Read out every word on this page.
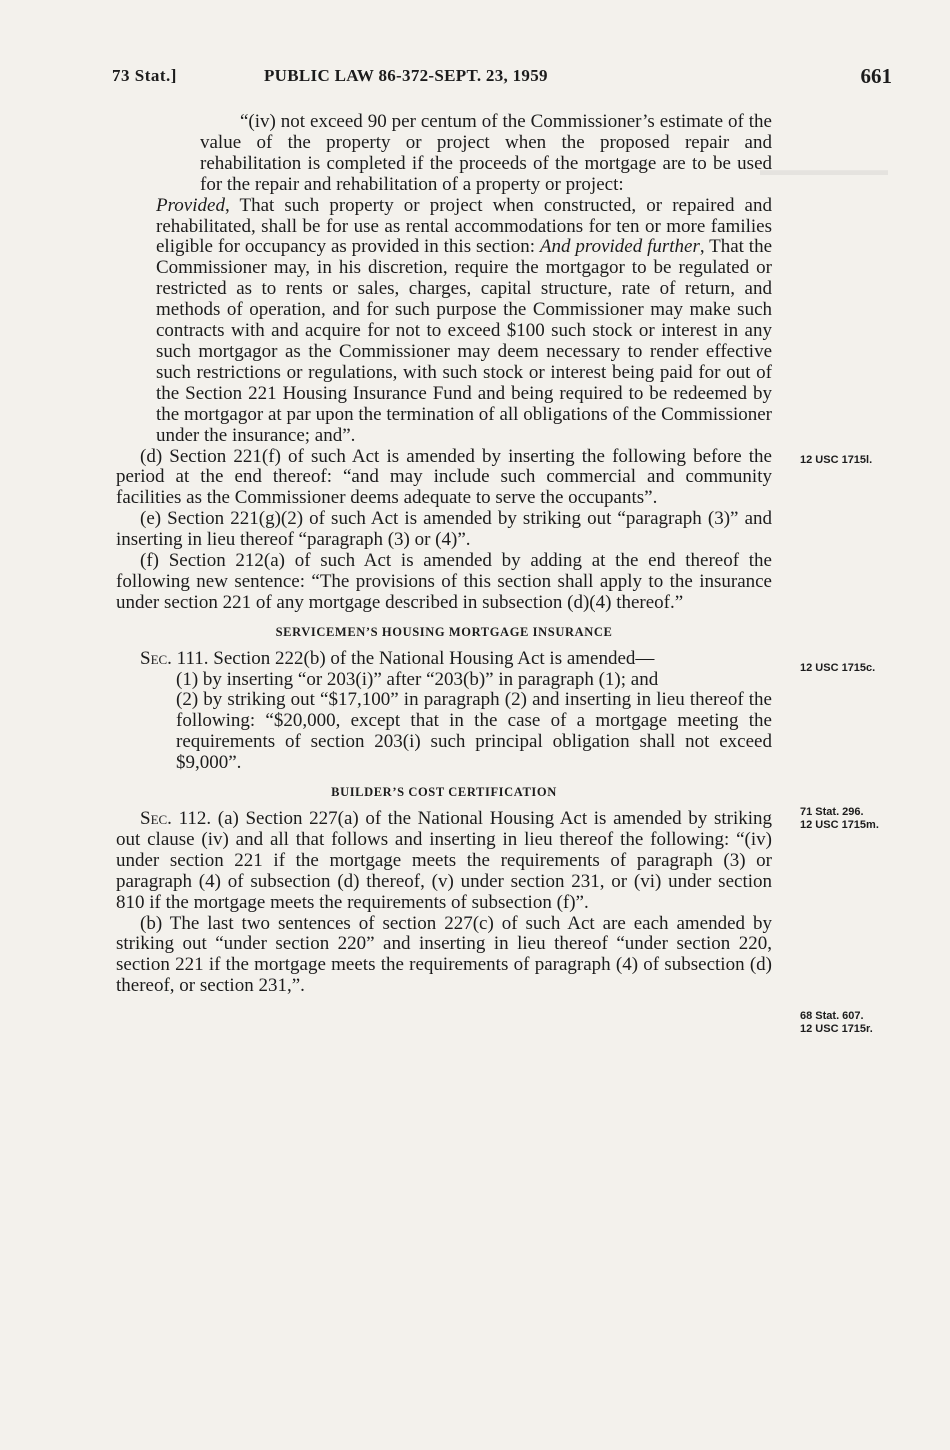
▬▬▬▬▬▬▬▬
73 Stat.]	PUBLIC LAW 86-372-SEPT. 23, 1959	661

“(iv) not exceed 90 per centum of the Commissioner’s estimate of the value of the property or project when the proposed repair and rehabilitation is completed if the proceeds of the mortgage are to be used for the repair and rehabilitation of a property or project:

Provided, That such property or project when constructed, or repaired and rehabilitated, shall be for use as rental accommodations for ten or more families eligible for occupancy as provided in this section: And provided further, That the Commissioner may, in his discretion, require the mortgagor to be regulated or restricted as to rents or sales, charges, capital structure, rate of return, and methods of operation, and for such purpose the Commissioner may make such contracts with and acquire for not to exceed $100 such stock or interest in any such mortgagor as the Commissioner may deem necessary to render effective such restrictions or regulations, with such stock or interest being paid for out of the Section 221 Housing Insurance Fund and being required to be redeemed by the mortgagor at par upon the termination of all obligations of the Commissioner under the insurance; and”.

(d) Section 221(f) of such Act is amended by inserting the following before the period at the end thereof: “and may include such commercial and community facilities as the Commissioner deems adequate to serve the occupants”.

(e) Section 221(g)(2) of such Act is amended by striking out “paragraph (3)” and inserting in lieu thereof “paragraph (3) or (4)”.

(f) Section 212(a) of such Act is amended by adding at the end thereof the following new sentence: “The provisions of this section shall apply to the insurance under section 221 of any mortgage described in subsection (d)(4) thereof.”

SERVICEMEN’S HOUSING MORTGAGE INSURANCE

Sec. 111. Section 222(b) of the National Housing Act is amended—

(1) by inserting “or 203(i)” after “203(b)” in paragraph (1); and

(2) by striking out “$17,100” in paragraph (2) and inserting in lieu thereof the following: “$20,000, except that in the case of a mortgage meeting the requirements of section 203(i) such principal obligation shall not exceed $9,000”.

BUILDER’S COST CERTIFICATION

Sec. 112. (a) Section 227(a) of the National Housing Act is amended by striking out clause (iv) and all that follows and inserting in lieu thereof the following: “(iv) under section 221 if the mortgage meets the requirements of paragraph (3) or paragraph (4) of subsection (d) thereof, (v) under section 231, or (vi) under section 810 if the mortgage meets the requirements of subsection (f)”.

(b) The last two sentences of section 227(c) of such Act are each amended by striking out “under section 220” and inserting in lieu thereof “under section 220, section 221 if the mortgage meets the requirements of paragraph (4) of subsection (d) thereof, or section 231,”.

12 USC 1715l.
12 USC 1715c.
71 Stat. 296.
12 USC 1715m.
68 Stat. 607.
12 USC 1715r.
